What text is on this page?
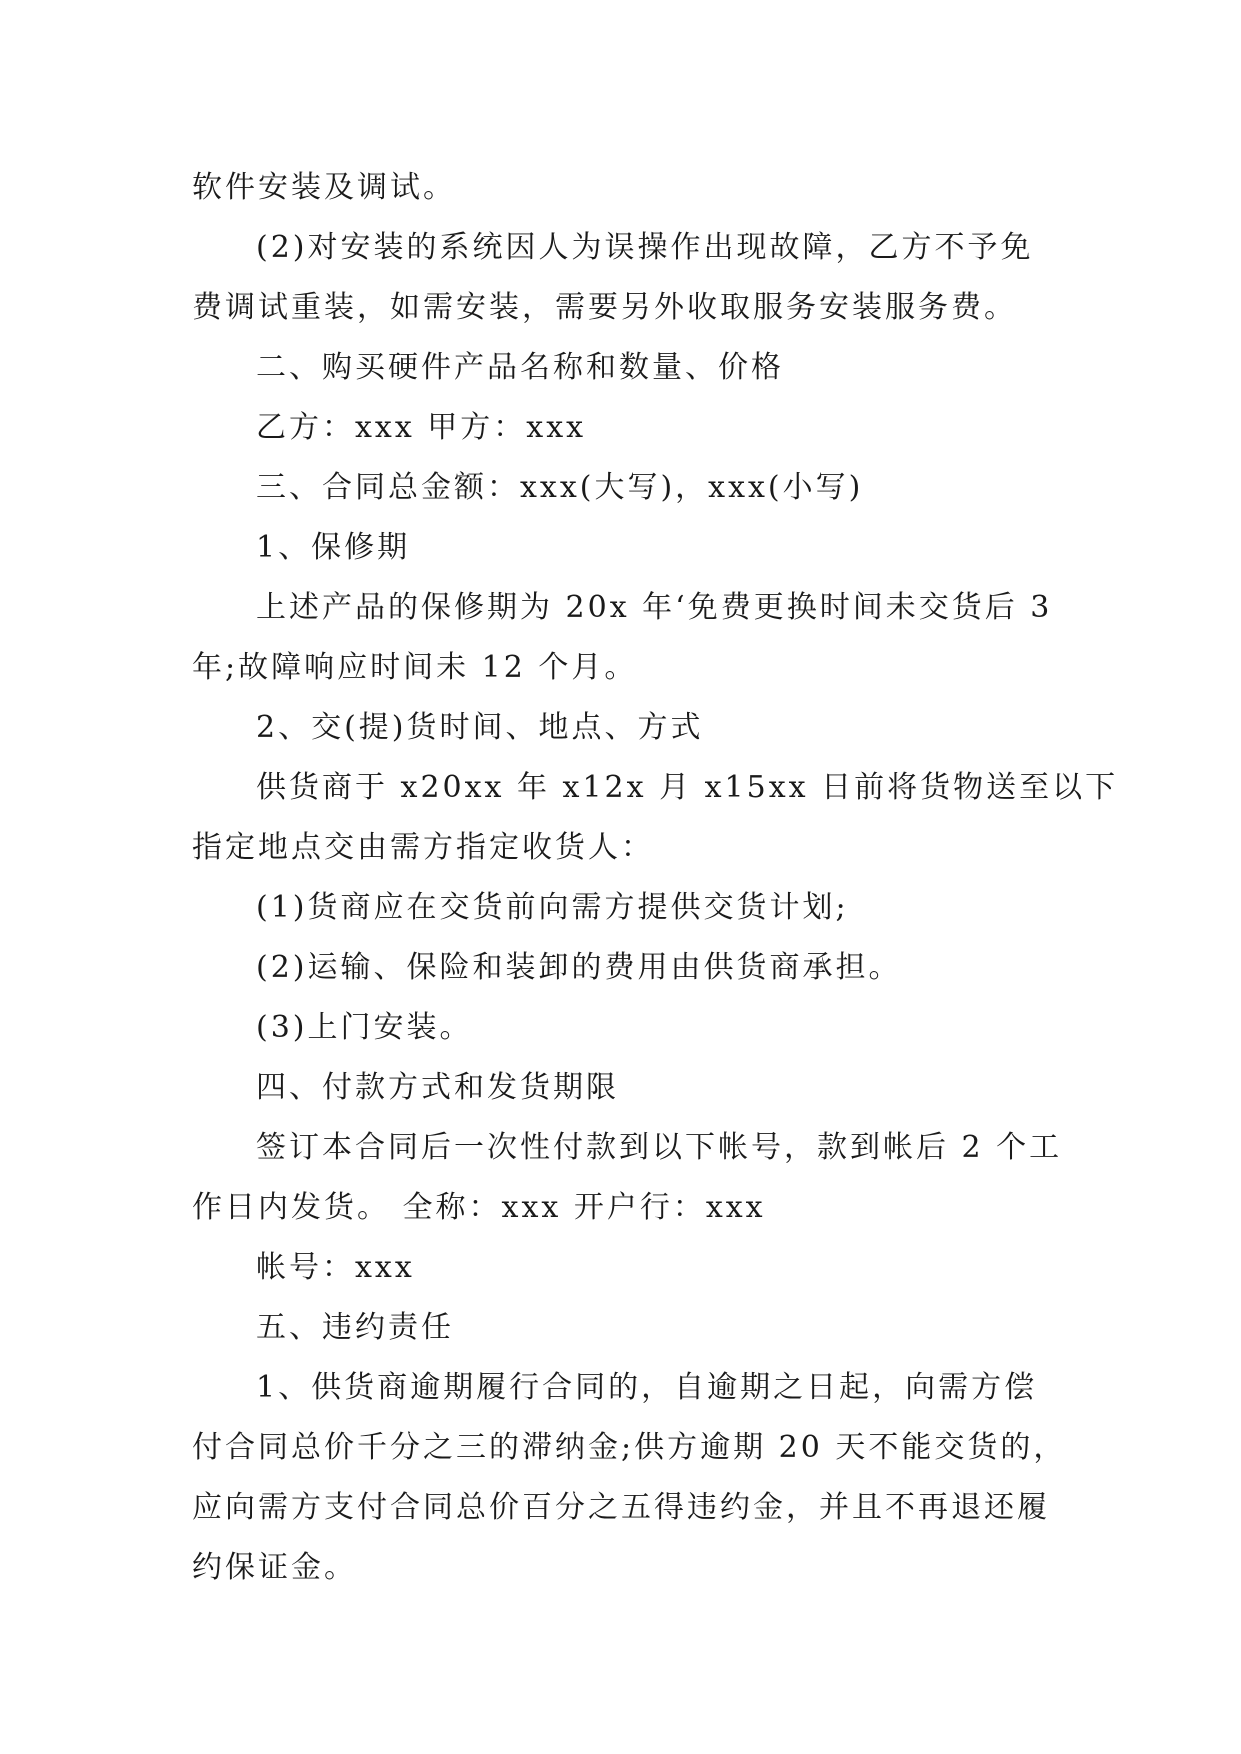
软件安装及调试。

(2)对安装的系统因人为误操作出现故障，乙方不予免

费调试重装，如需安装，需要另外收取服务安装服务费。

二、购买硬件产品名称和数量、价格

乙方：xxx 甲方：xxx

三、合同总金额：xxx(大写)，xxx(小写)

1、保修期

上述产品的保修期为 20x 年‘免费更换时间未交货后 3

年;故障响应时间未 12 个月。

2、交(提)货时间、地点、方式

供货商于 x20xx 年 x12x 月 x15xx 日前将货物送至以下

指定地点交由需方指定收货人：

(1)货商应在交货前向需方提供交货计划;

(2)运输、保险和装卸的费用由供货商承担。

(3)上门安装。

四、付款方式和发货期限

签订本合同后一次性付款到以下帐号，款到帐后 2 个工

作日内发货。 全称：xxx 开户行：xxx

帐号：xxx

五、违约责任

1、供货商逾期履行合同的，自逾期之日起，向需方偿

付合同总价千分之三的滞纳金;供方逾期 20 天不能交货的，

应向需方支付合同总价百分之五得违约金，并且不再退还履

约保证金。
